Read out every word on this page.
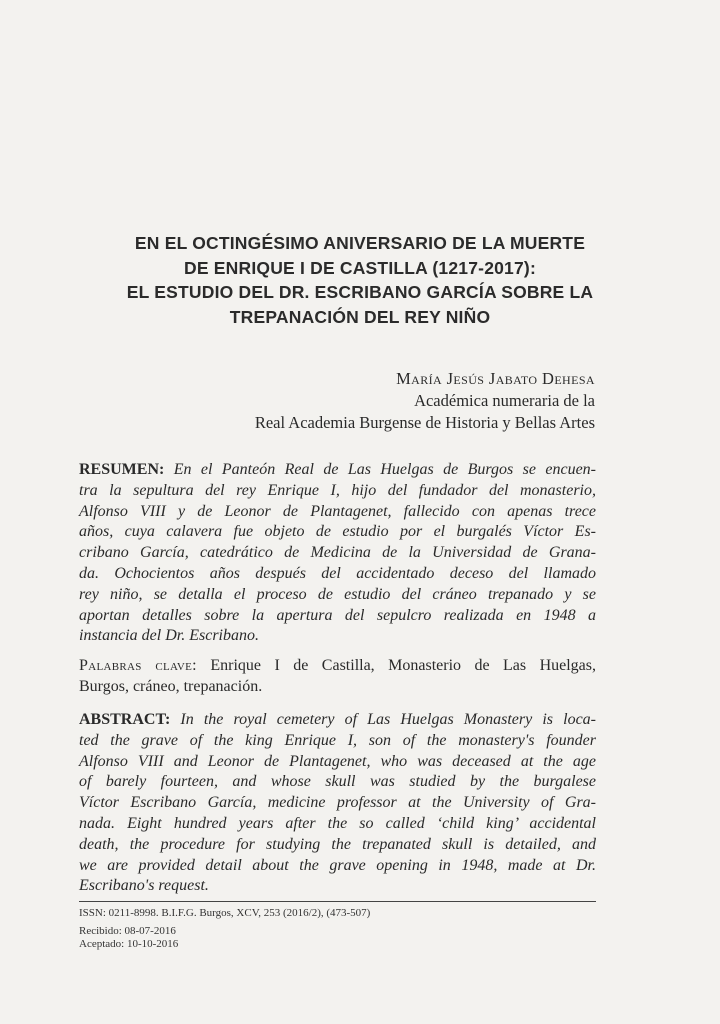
EN EL OCTINGÉSIMO ANIVERSARIO DE LA MUERTE
DE ENRIQUE I DE CASTILLA (1217-2017):
EL ESTUDIO DEL DR. ESCRIBANO GARCÍA SOBRE LA
TREPANACIÓN DEL REY NIÑO
María Jesús Jabato Dehesa
Académica numeraria de la
Real Academia Burgense de Historia y Bellas Artes
RESUMEN: En el Panteón Real de Las Huelgas de Burgos se encuen-
tra la sepultura del rey Enrique I, hijo del fundador del monasterio,
Alfonso VIII y de Leonor de Plantagenet, fallecido con apenas trece
años, cuya calavera fue objeto de estudio por el burgalés Víctor Es-
cribano García, catedrático de Medicina de la Universidad de Grana-
da. Ochocientos años después del accidentado deceso del llamado
rey niño, se detalla el proceso de estudio del cráneo trepanado y se
aportan detalles sobre la apertura del sepulcro realizada en 1948 a
instancia del Dr. Escribano.
Palabras clave: Enrique I de Castilla, Monasterio de Las Huelgas,
Burgos, cráneo, trepanación.
ABSTRACT: In the royal cemetery of Las Huelgas Monastery is loca-
ted the grave of the king Enrique I, son of the monastery's founder
Alfonso VIII and Leonor de Plantagenet, who was deceased at the age
of barely fourteen, and whose skull was studied by the burgalese
Víctor Escribano García, medicine professor at the University of Gra-
nada. Eight hundred years after the so called ‘child king’ accidental
death, the procedure for studying the trepanated skull is detailed, and
we are provided detail about the grave opening in 1948, made at Dr.
Escribano's request.
ISSN: 0211-8998. B.I.F.G. Burgos, XCV, 253 (2016/2), (473-507)
Recibido: 08-07-2016
Aceptado: 10-10-2016
